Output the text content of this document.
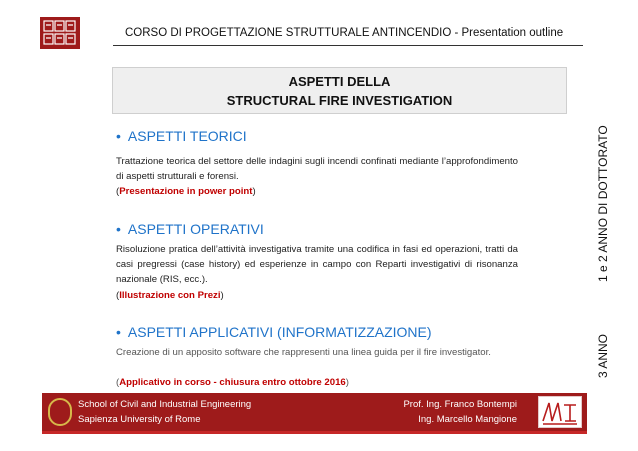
CORSO DI PROGETTAZIONE STRUTTURALE ANTINCENDIO - Presentation outline
ASPETTI DELLA
STRUCTURAL FIRE INVESTIGATION
• ASPETTI TEORICI
Trattazione teorica del settore delle indagini sugli incendi confinati mediante l’approfondimento di aspetti strutturali e forensi.
(Presentazione in power point)
• ASPETTI OPERATIVI
Risoluzione pratica dell’attività investigativa tramite una codifica in fasi ed operazioni, tratti da casi pregressi (case history) ed esperienze in campo con Reparti investigativi di risonanza nazionale (RIS, ecc.).
(Illustrazione con Prezi)
• ASPETTI APPLICATIVI (INFORMATIZZAZIONE)
Creazione di un apposito software che rappresenti una linea guida per il fire investigator.
(Applicativo in corso - chiusura entro ottobre 2016)
1 e 2 ANNO DI DOTTORATO
3 ANNO
School of Civil and Industrial Engineering
Sapienza University of Rome
Prof. Ing. Franco Bontempi
Ing. Marcello Mangione
